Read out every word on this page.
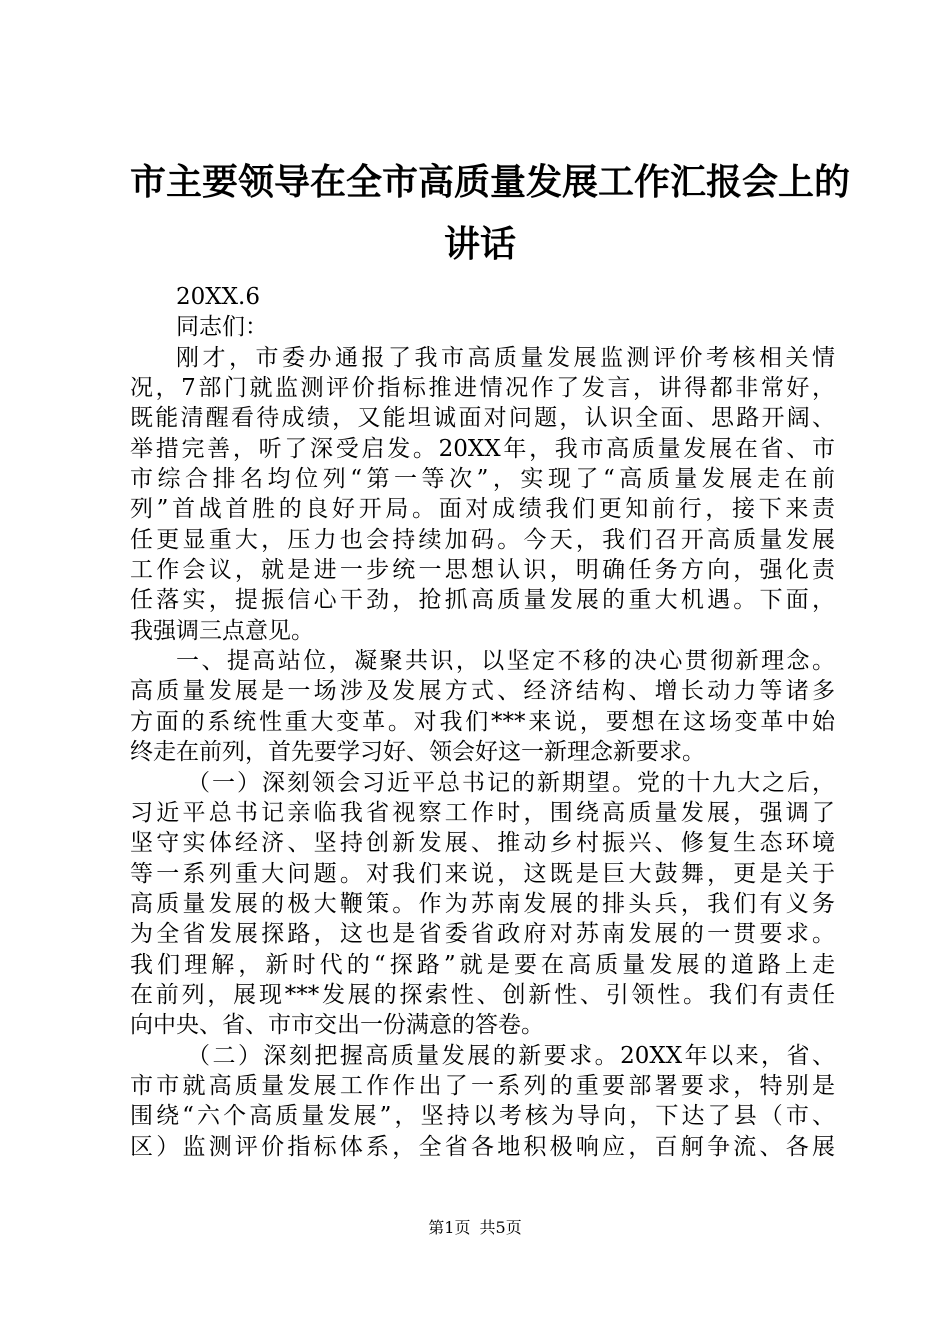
市主要领导在全市高质量发展工作汇报会上的
讲话
20XX.6
同志们：
刚才，市委办通报了我市高质量发展监测评价考核相关情
况，7部门就监测评价指标推进情况作了发言，讲得都非常好，
既能清醒看待成绩，又能坦诚面对问题，认识全面、思路开阔、
举措完善，听了深受启发。20XX年，我市高质量发展在省、市
市综合排名均位列“第一等次”，实现了“高质量发展走在前
列”首战首胜的良好开局。面对成绩我们更知前行，接下来责
任更显重大，压力也会持续加码。今天，我们召开高质量发展
工作会议，就是进一步统一思想认识，明确任务方向，强化责
任落实，提振信心干劲，抢抓高质量发展的重大机遇。下面，
我强调三点意见。
一、提高站位，凝聚共识，以坚定不移的决心贯彻新理念。
高质量发展是一场涉及发展方式、经济结构、增长动力等诸多
方面的系统性重大变革。对我们***来说，要想在这场变革中始
终走在前列，首先要学习好、领会好这一新理念新要求。
（一）深刻领会习近平总书记的新期望。党的十九大之后，
习近平总书记亲临我省视察工作时，围绕高质量发展，强调了
坚守实体经济、坚持创新发展、推动乡村振兴、修复生态环境
等一系列重大问题。对我们来说，这既是巨大鼓舞，更是关于
高质量发展的极大鞭策。作为苏南发展的排头兵，我们有义务
为全省发展探路，这也是省委省政府对苏南发展的一贯要求。
我们理解，新时代的“探路”就是要在高质量发展的道路上走
在前列，展现***发展的探索性、创新性、引领性。我们有责任
向中央、省、市市交出一份满意的答卷。
（二）深刻把握高质量发展的新要求。20XX年以来，省、
市市就高质量发展工作作出了一系列的重要部署要求，特别是
围绕“六个高质量发展”，坚持以考核为导向，下达了县（市、
区）监测评价指标体系，全省各地积极响应，百舸争流、各展
第1页 共5页
